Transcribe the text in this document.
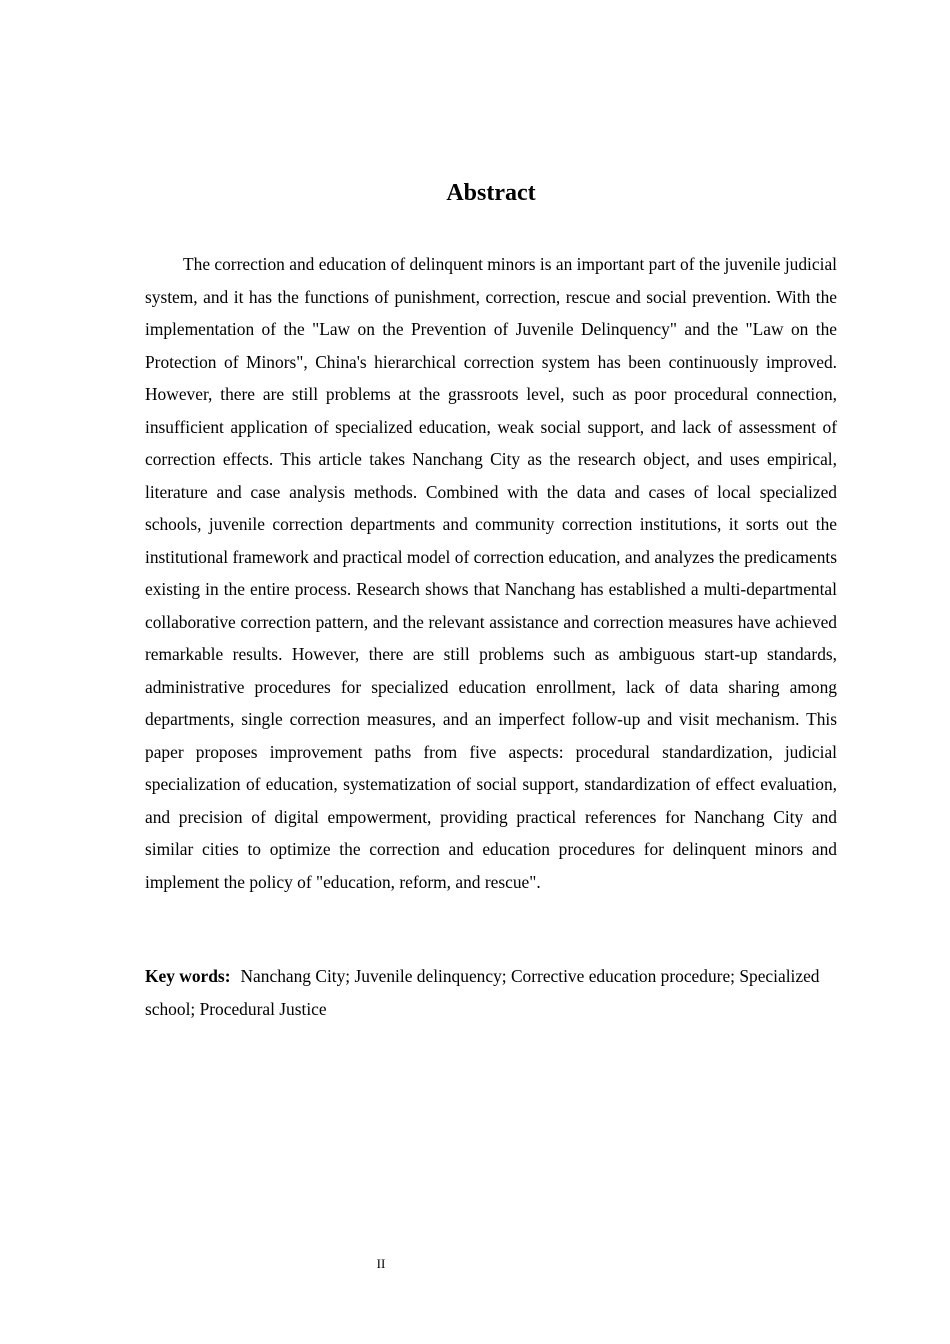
Abstract

The correction and education of delinquent minors is an important part of the juvenile judicial system, and it has the functions of punishment, correction, rescue and social prevention. With the implementation of the "Law on the Prevention of Juvenile Delinquency" and the "Law on the Protection of Minors", China's hierarchical correction system has been continuously improved. However, there are still problems at the grassroots level, such as poor procedural connection, insufficient application of specialized education, weak social support, and lack of assessment of correction effects. This article takes Nanchang City as the research object, and uses empirical, literature and case analysis methods. Combined with the data and cases of local specialized schools, juvenile correction departments and community correction institutions, it sorts out the institutional framework and practical model of correction education, and analyzes the predicaments existing in the entire process. Research shows that Nanchang has established a multi-departmental collaborative correction pattern, and the relevant assistance and correction measures have achieved remarkable results. However, there are still problems such as ambiguous start-up standards, administrative procedures for specialized education enrollment, lack of data sharing among departments, single correction measures, and an imperfect follow-up and visit mechanism. This paper proposes improvement paths from five aspects: procedural standardization, judicial specialization of education, systematization of social support, standardization of effect evaluation, and precision of digital empowerment, providing practical references for Nanchang City and similar cities to optimize the correction and education procedures for delinquent minors and implement the policy of "education, reform, and rescue".

Key words: Nanchang City; Juvenile delinquency; Corrective education procedure; Specialized school; Procedural Justice

II
